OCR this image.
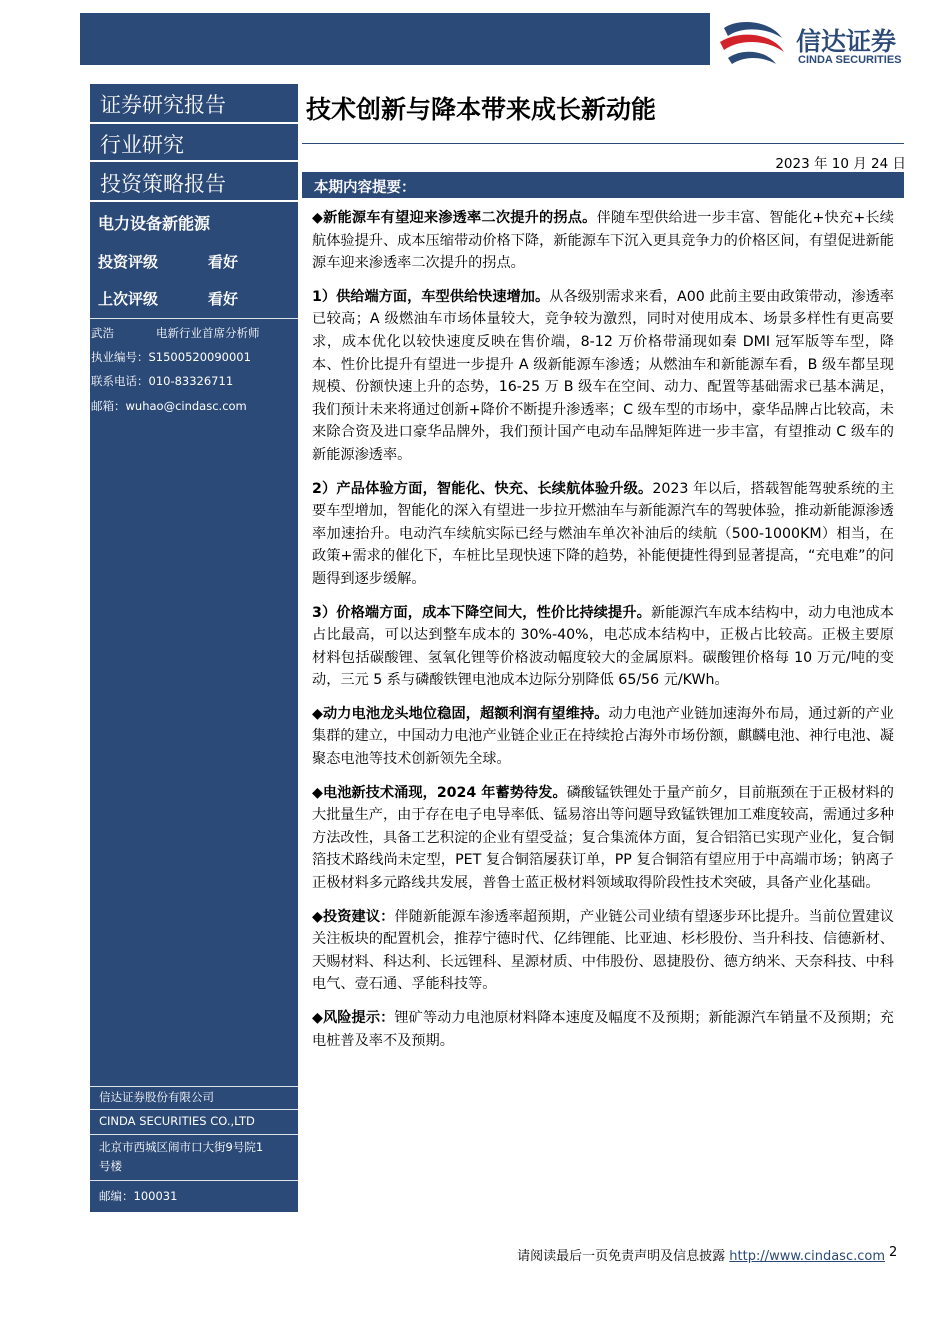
信达证券
CINDA SECURITIES
证券研究报告
行业研究
投资策略报告
电力设备新能源
投资评级	看好
上次评级	看好
武浩	电新行业首席分析师
执业编号：S1500520090001
联系电话：010-83326711
邮箱：wuhao@cindasc.com
信达证券股份有限公司
CINDA SECURITIES CO.,LTD
北京市西城区闹市口大街9号院1
号楼
邮编：100031
技术创新与降本带来成长新动能
2023 年 10 月 24 日
本期内容提要：

◆新能源车有望迎来渗透率二次提升的拐点。伴随车型供给进一步丰富、智能化+快充+长续航体验提升、成本压缩带动价格下降，新能源车下沉入更具竞争力的价格区间，有望促进新能源车迎来渗透率二次提升的拐点。

1）供给端方面，车型供给快速增加。从各级别需求来看，A00 此前主要由政策带动，渗透率已较高；A 级燃油车市场体量较大，竞争较为激烈，同时对使用成本、场景多样性有更高要求，成本优化以较快速度反映在售价端，8-12 万价格带涌现如秦 DMI 冠军版等车型，降本、性价比提升有望进一步提升 A 级新能源车渗透；从燃油车和新能源车看，B 级车都呈现规模、份额快速上升的态势，16-25 万 B 级车在空间、动力、配置等基础需求已基本满足，我们预计未来将通过创新+降价不断提升渗透率；C 级车型的市场中，豪华品牌占比较高，未来除合资及进口豪华品牌外，我们预计国产电动车品牌矩阵进一步丰富，有望推动 C 级车的新能源渗透率。

2）产品体验方面，智能化、快充、长续航体验升级。2023 年以后，搭载智能驾驶系统的主要车型增加，智能化的深入有望进一步拉开燃油车与新能源汽车的驾驶体验，推动新能源渗透率加速抬升。电动汽车续航实际已经与燃油车单次补油后的续航（500-1000KM）相当，在政策+需求的催化下，车桩比呈现快速下降的趋势，补能便捷性得到显著提高，“充电难”的问题得到逐步缓解。

3）价格端方面，成本下降空间大，性价比持续提升。新能源汽车成本结构中，动力电池成本占比最高，可以达到整车成本的 30%-40%，电芯成本结构中，正极占比较高。正极主要原材料包括碳酸锂、氢氧化锂等价格波动幅度较大的金属原料。碳酸锂价格每 10 万元/吨的变动，三元 5 系与磷酸铁锂电池成本边际分别降低 65/56 元/KWh。

◆动力电池龙头地位稳固，超额利润有望维持。动力电池产业链加速海外布局，通过新的产业集群的建立，中国动力电池产业链企业正在持续抢占海外市场份额，麒麟电池、神行电池、凝聚态电池等技术创新领先全球。

◆电池新技术涌现，2024 年蓄势待发。磷酸锰铁锂处于量产前夕，目前瓶颈在于正极材料的大批量生产，由于存在电子电导率低、锰易溶出等问题导致锰铁锂加工难度较高，需通过多种方法改性，具备工艺积淀的企业有望受益；复合集流体方面，复合铝箔已实现产业化，复合铜箔技术路线尚未定型，PET 复合铜箔屡获订单，PP 复合铜箔有望应用于中高端市场；钠离子正极材料多元路线共发展，普鲁士蓝正极材料领域取得阶段性技术突破，具备产业化基础。

◆投资建议：伴随新能源车渗透率超预期，产业链公司业绩有望逐步环比提升。当前位置建议关注板块的配置机会，推荐宁德时代、亿纬锂能、比亚迪、杉杉股份、当升科技、信德新材、天赐材料、科达利、长远锂科、星源材质、中伟股份、恩捷股份、德方纳米、天奈科技、中科电气、壹石通、孚能科技等。

◆风险提示：锂矿等动力电池原材料降本速度及幅度不及预期；新能源汽车销量不及预期；充电桩普及率不及预期。

请阅读最后一页免责声明及信息披露 http://www.cindasc.com 2
